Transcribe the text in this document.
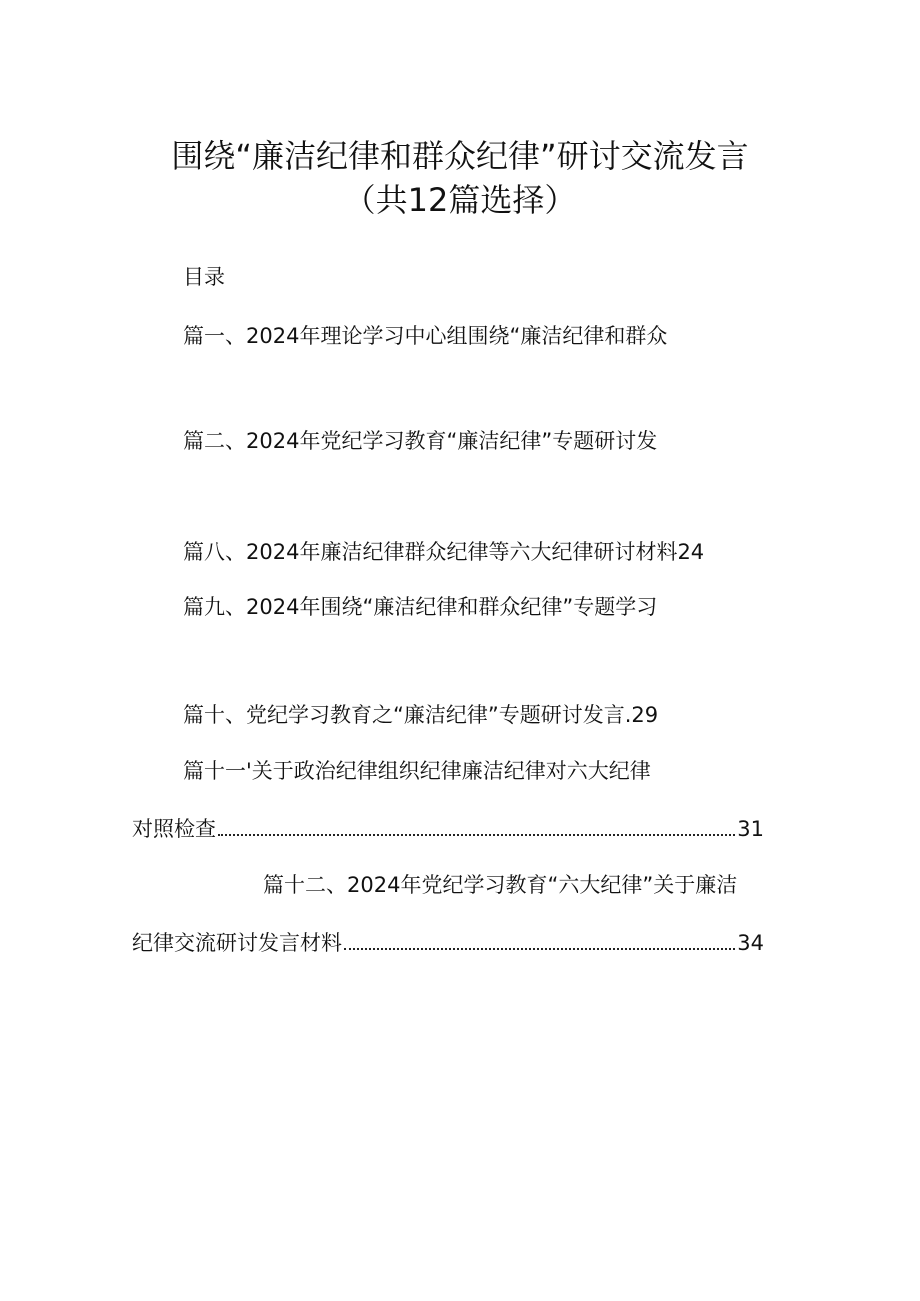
围绕“廉洁纪律和群众纪律”研讨交流发言
（共12篇选择）
目录
篇一、2024年理论学习中心组围绕“廉洁纪律和群众
篇二、2024年党纪学习教育“廉洁纪律”专题研讨发
篇八、2024年廉洁纪律群众纪律等六大纪律研讨材料24
篇九、2024年围绕“廉洁纪律和群众纪律”专题学习
篇十、党纪学习教育之“廉洁纪律”专题研讨发言.29
篇十一'关于政治纪律组织纪律廉洁纪律对六大纪律
对照检查	31
篇十二、2024年党纪学习教育“六大纪律”关于廉洁
纪律交流研讨发言材料	34
